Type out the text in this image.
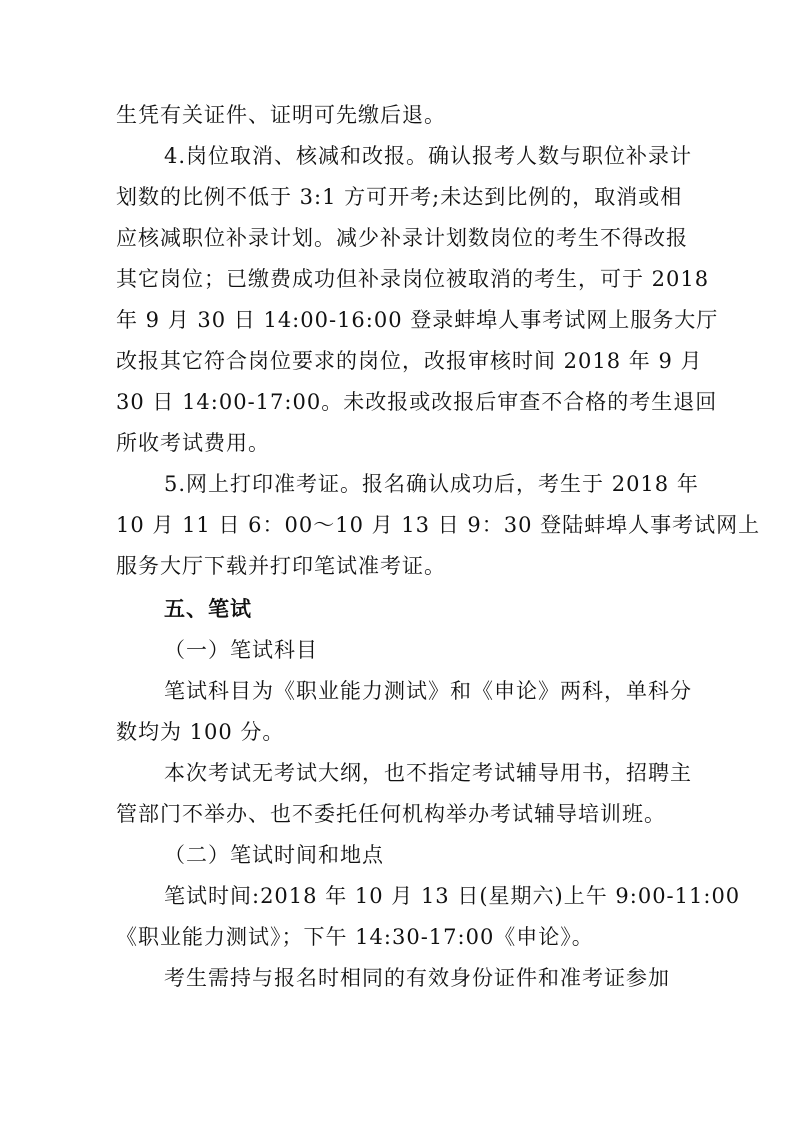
生凭有关证件、证明可先缴后退。
4.岗位取消、核减和改报。确认报考人数与职位补录计
划数的比例不低于 3:1 方可开考;未达到比例的，取消或相
应核减职位补录计划。减少补录计划数岗位的考生不得改报
其它岗位；已缴费成功但补录岗位被取消的考生，可于 2018
年 9 月 30 日 14:00-16:00 登录蚌埠人事考试网上服务大厅
改报其它符合岗位要求的岗位，改报审核时间 2018 年 9 月
30 日 14:00-17:00。未改报或改报后审查不合格的考生退回
所收考试费用。
5.网上打印准考证。报名确认成功后，考生于 2018 年
10 月 11 日 6：00～10 月 13 日 9：30 登陆蚌埠人事考试网上
服务大厅下载并打印笔试准考证。
五、笔试
（一）笔试科目
笔试科目为《职业能力测试》和《申论》两科，单科分
数均为 100 分。
本次考试无考试大纲，也不指定考试辅导用书，招聘主
管部门不举办、也不委托任何机构举办考试辅导培训班。
（二）笔试时间和地点
笔试时间:2018 年 10 月 13 日(星期六)上午 9:00-11:00
《职业能力测试》；下午 14:30-17:00《申论》。
考生需持与报名时相同的有效身份证件和准考证参加
